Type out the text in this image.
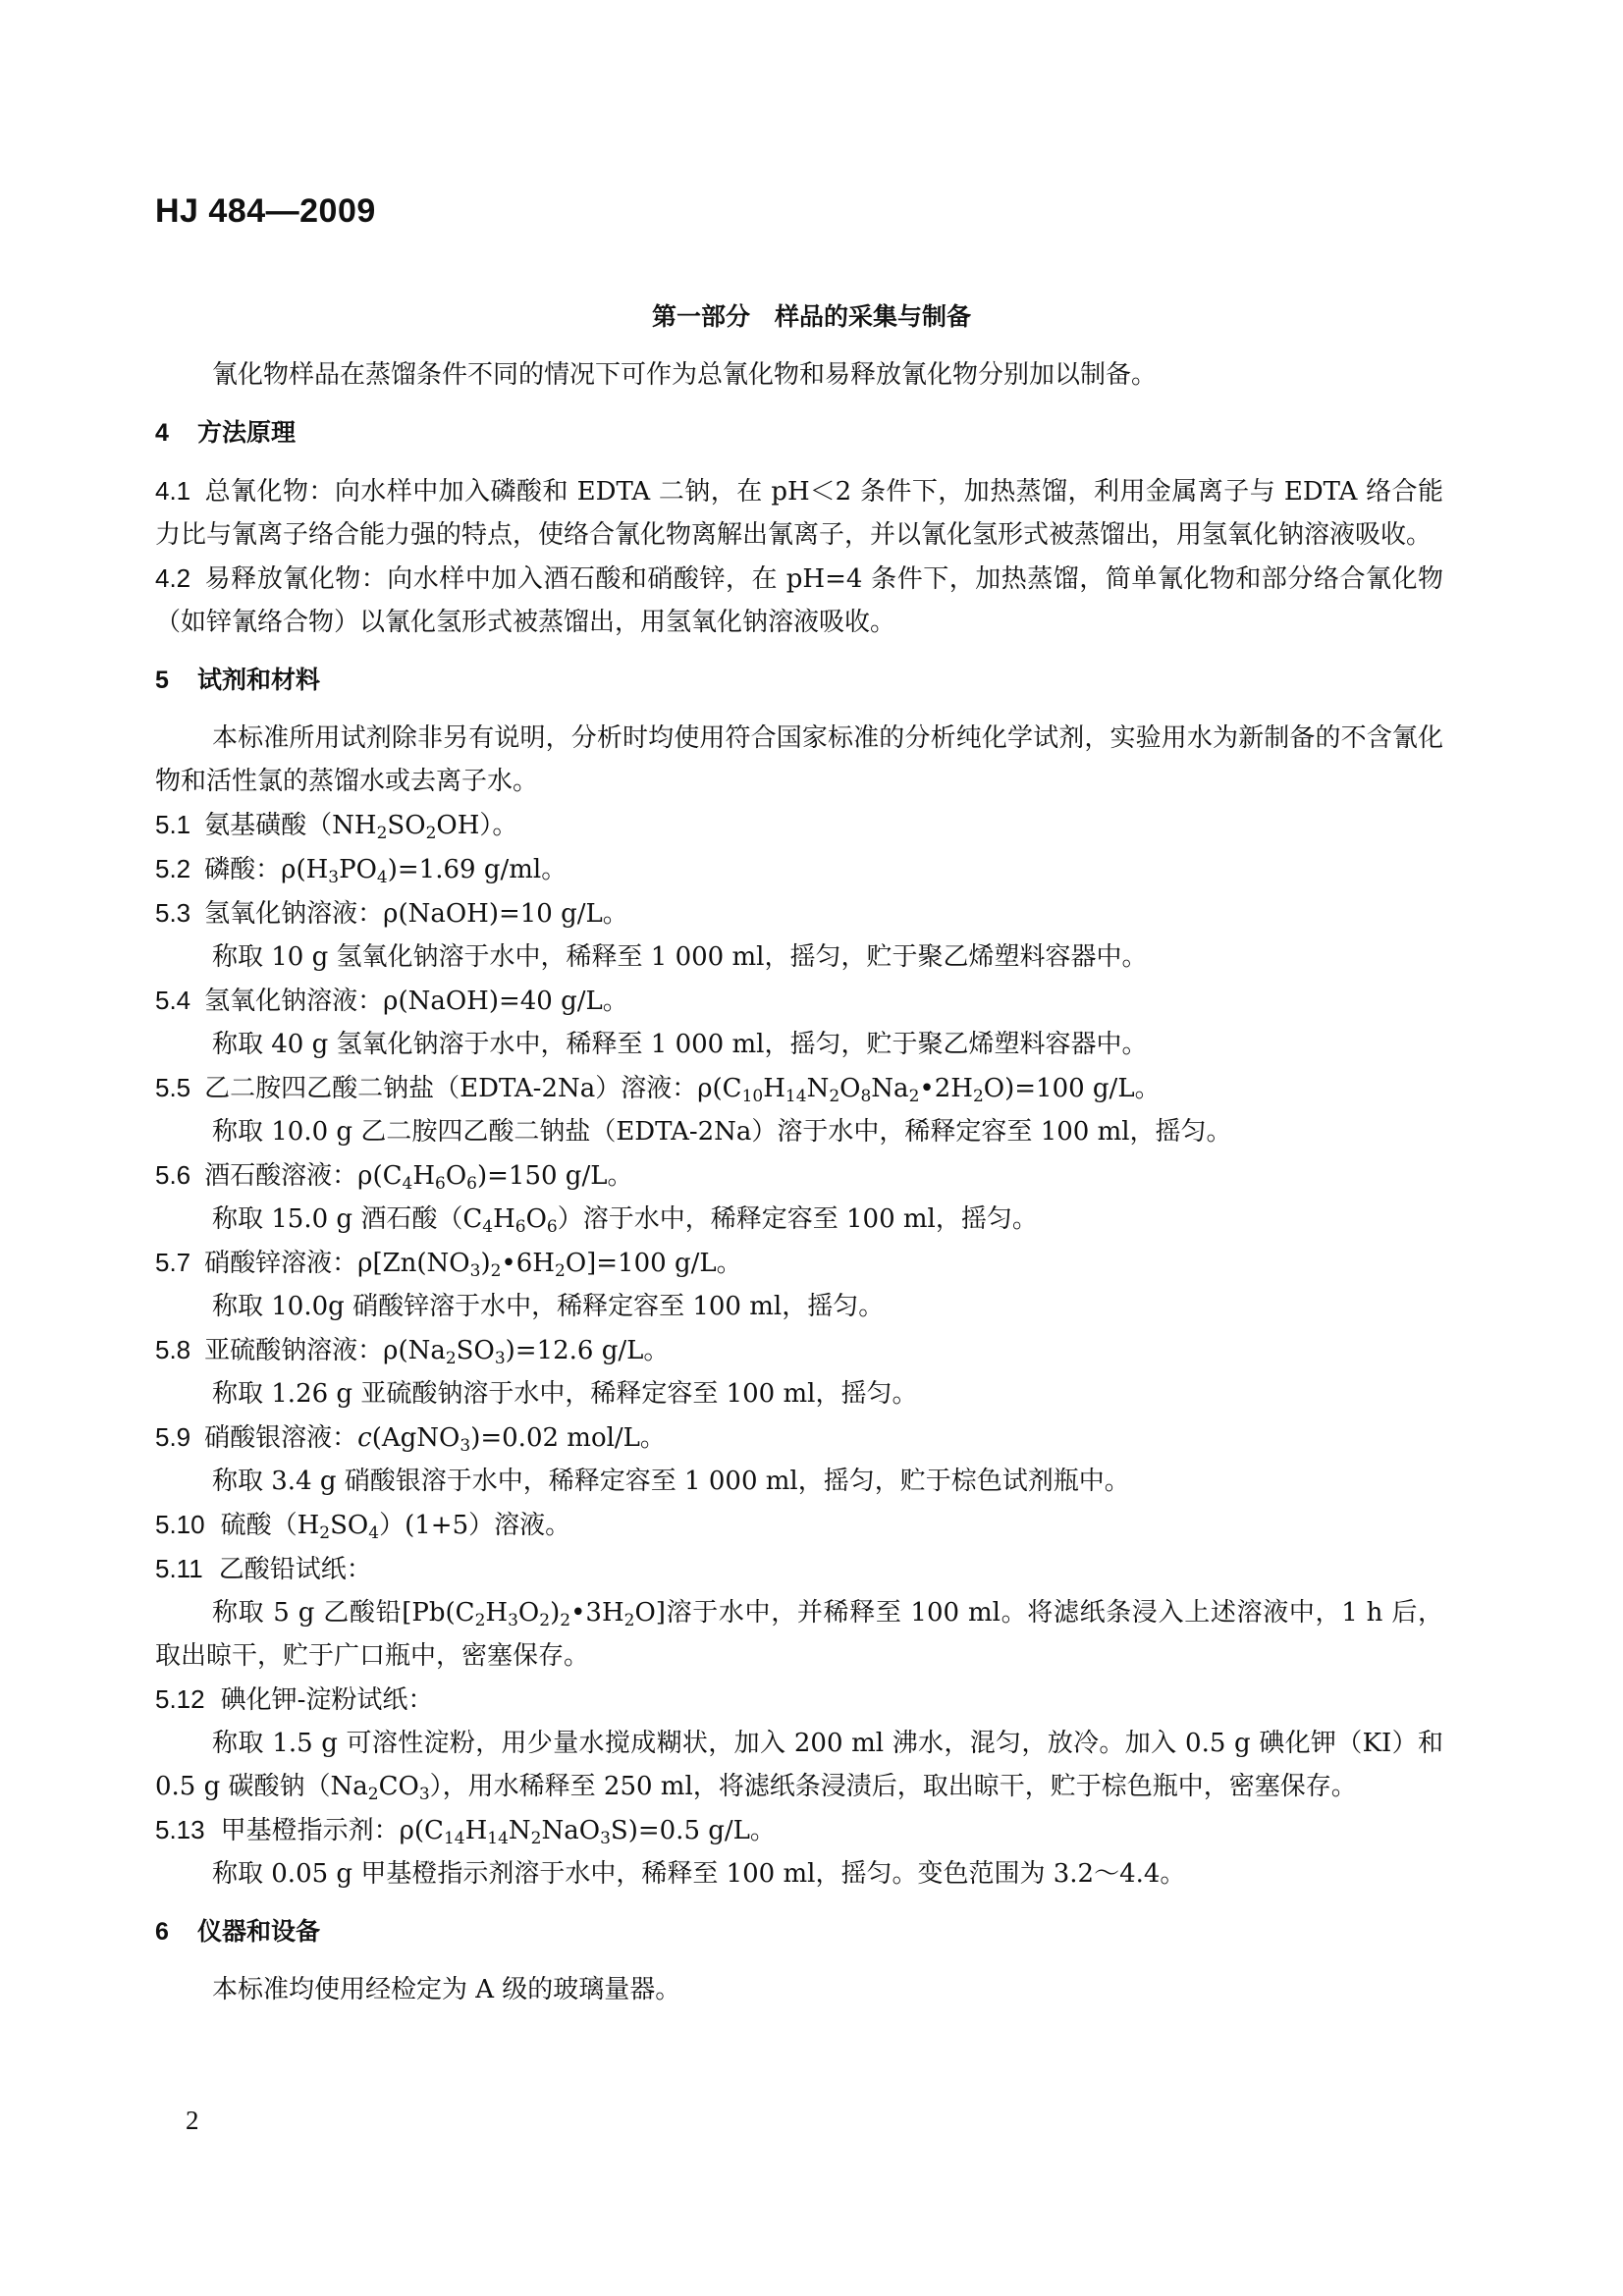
HJ 484—2009
第一部分　样品的采集与制备

氰化物样品在蒸馏条件不同的情况下可作为总氰化物和易释放氰化物分别加以制备。

4 方法原理

4.1 总氰化物：向水样中加入磷酸和 EDTA 二钠，在 pH＜2 条件下，加热蒸馏，利用金属离子与 EDTA 络合能力比与氰离子络合能力强的特点，使络合氰化物离解出氰离子，并以氰化氢形式被蒸馏出，用氢氧化钠溶液吸收。

4.2 易释放氰化物：向水样中加入酒石酸和硝酸锌，在 pH=4 条件下，加热蒸馏，简单氰化物和部分络合氰化物（如锌氰络合物）以氰化氢形式被蒸馏出，用氢氧化钠溶液吸收。

5 试剂和材料

本标准所用试剂除非另有说明，分析时均使用符合国家标准的分析纯化学试剂，实验用水为新制备的不含氰化物和活性氯的蒸馏水或去离子水。

5.1 氨基磺酸$(NH_2SO_2OH)$。

5.2 磷酸：$\rho(H_3PO_4)=1.69$ g/ml。

5.3 氢氧化钠溶液：ρ(NaOH)=10 g/L。

称取 10 g 氢氧化钠溶于水中，稀释至 1 000 ml，摇匀，贮于聚乙烯塑料容器中。

5.4 氢氧化钠溶液：ρ(NaOH)=40 g/L。

称取 40 g 氢氧化钠溶于水中，稀释至 1 000 ml，摇匀，贮于聚乙烯塑料容器中。

5.5 乙二胺四乙酸二钠盐（EDTA-2Na）溶液：$\rho(C_{10}H_{14}N_2O_8Na_2•2H_2O)=100$ g/L。

称取 10.0 g 乙二胺四乙酸二钠盐（EDTA-2Na）溶于水中，稀释定容至 100 ml，摇匀。

5.6 酒石酸溶液：$\rho(C_4H_6O_6)=150$ g/L。

称取 15.0 g 酒石酸$(C_4H_6O_6)$溶于水中，稀释定容至 100 ml，摇匀。

5.7 硝酸锌溶液：$\rho[Zn(NO_3)_2•6H_2O]=100$ g/L。

称取 10.0g 硝酸锌溶于水中，稀释定容至 100 ml，摇匀。

5.8 亚硫酸钠溶液：$\rho(Na_2SO_3)=12.6$ g/L。

称取 1.26 g 亚硫酸钠溶于水中，稀释定容至 100 ml，摇匀。

5.9 硝酸银溶液：c(AgNO$_3$)=0.02 mol/L。

称取 3.4 g 硝酸银溶于水中，稀释定容至 1 000 ml，摇匀，贮于棕色试剂瓶中。

5.10 硫酸$(H_2SO_4)(1+5)$溶液。

5.11 乙酸铅试纸：

称取 5 g 乙酸铅$[Pb(C_2H_3O_2)_2•3H_2O]$溶于水中，并稀释至 100 ml。将滤纸条浸入上述溶液中，1 h 后，取出晾干，贮于广口瓶中，密塞保存。

5.12 碘化钾-淀粉试纸：

称取 1.5 g 可溶性淀粉，用少量水搅成糊状，加入 200 ml 沸水，混匀，放冷。加入 0.5 g 碘化钾（KI）和 0.5 g 碳酸钠$(Na_2CO_3)$，用水稀释至 250 ml，将滤纸条浸渍后，取出晾干，贮于棕色瓶中，密塞保存。

5.13 甲基橙指示剂：$\rho(C_{14}H_{14}N_2NaO_3S)=0.5$ g/L。

称取 0.05 g 甲基橙指示剂溶于水中，稀释至 100 ml，摇匀。变色范围为 3.2～4.4。

6 仪器和设备

本标准均使用经检定为 A 级的玻璃量器。

2
